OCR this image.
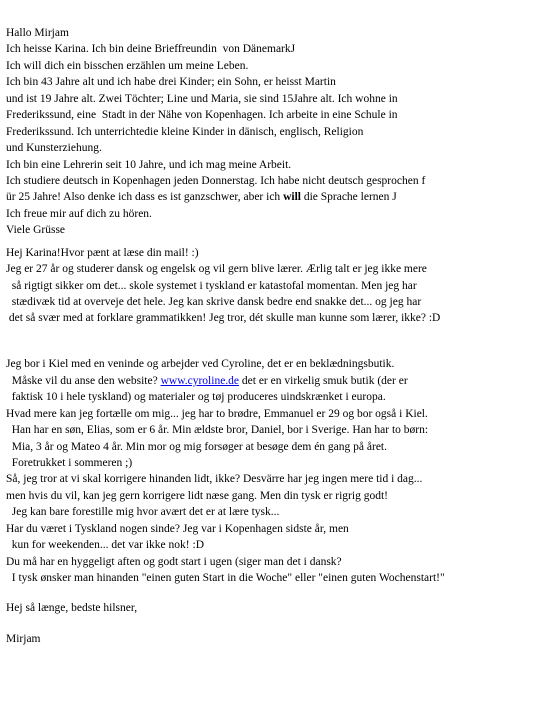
Hallo Mirjam
Ich heisse Karina. Ich bin deine Brieffreundin  von DänemarkJ
Ich will dich ein bisschen erzählen um meine Leben.
Ich bin 43 Jahre alt und ich habe drei Kinder; ein Sohn, er heisst Martin
und ist 19 Jahre alt. Zwei Töchter; Line und Maria, sie sind 15Jahre alt. Ich wohne in
Frederikssund, eine  Stadt in der Nähe von Kopenhagen. Ich arbeite in eine Schule in
Frederikssund. Ich unterrichtedie kleine Kinder in dänisch, englisch, Religion
und Kunsterziehung.
Ich bin eine Lehrerin seit 10 Jahre, und ich mag meine Arbeit.
Ich studiere deutsch in Kopenhagen jeden Donnerstag. Ich habe nicht deutsch gesprochen f
ür 25 Jahre! Also denke ich dass es ist ganzschwer, aber ich will die Sprache lernen J
Ich freue mir auf dich zu hören.
Viele Grüsse
Hej Karina!Hvor pænt at læse din mail! :)
Jeg er 27 år og studerer dansk og engelsk og vil gern blive lærer. Ærlig talt er jeg ikke mere
så rigtigt sikker om det... skole systemet i tyskland er katastofal momentan. Men jeg har
stædivæk tid at overveje det hele. Jeg kan skrive dansk bedre end snakke det... og jeg har
det så svær med at forklare grammatikken! Jeg tror, dét skulle man kunne som lærer, ikke? :D
Jeg bor i Kiel med en veninde og arbejder ved Cyroline, det er en beklædningsbutik.
Måske vil du anse den website? www.cyroline.de det er en virkelig smuk butik (der er
faktisk 10 i hele tyskland) og materialer og tøj produceres uindskrænket i europa.
Hvad mere kan jeg fortælle om mig... jeg har to brødre, Emmanuel er 29 og bor også i Kiel.
Han har en søn, Elias, som er 6 år. Min ældste bror, Daniel, bor i Sverige. Han har to børn:
Mia, 3 år og Mateo 4 år. Min mor og mig forsøger at besøge dem én gang på året.
Foretrukket i sommeren ;)
Så, jeg tror at vi skal korrigere hinanden lidt, ikke? Desvärre har jeg ingen mere tid i dag...
men hvis du vil, kan jeg gern korrigere lidt næse gang. Men din tysk er rigrig godt!
Jeg kan bare forestille mig hvor avært det er at lære tysk...
Har du været i Tyskland nogen sinde? Jeg var i Kopenhagen sidste år, men
kun for weekenden... det var ikke nok! :D
Du må har en hyggeligt aften og godt start i ugen (siger man det i dansk?
I tysk ønsker man hinanden "einen guten Start in die Woche" eller "einen guten Wochenstart!"
Hej så længe, bedste hilsner,
Mirjam
